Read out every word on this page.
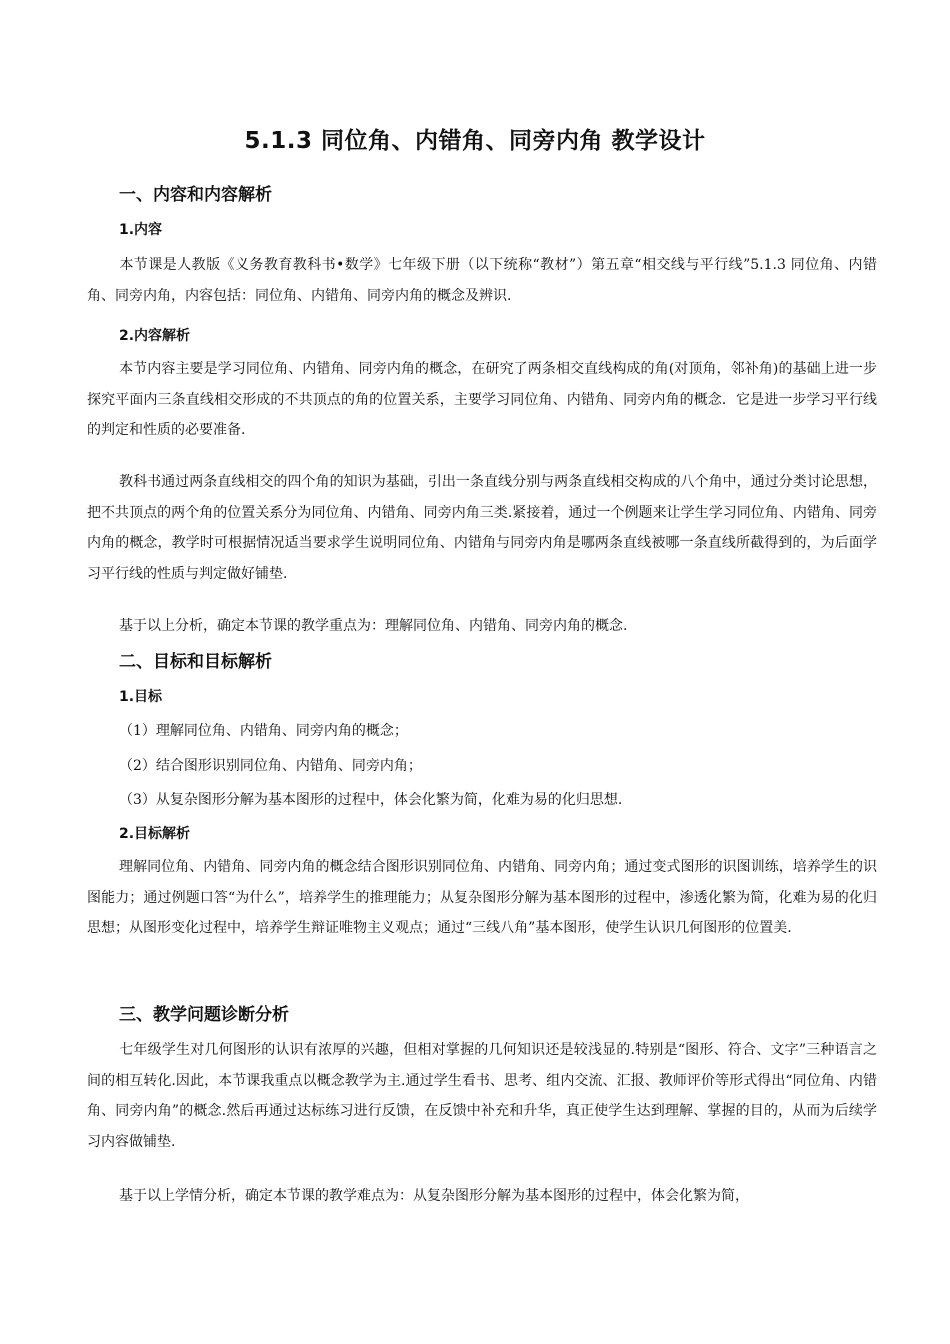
5.1.3 同位角、内错角、同旁内角 教学设计
一、内容和内容解析
1.内容
本节课是人教版《义务教育教科书•数学》七年级下册（以下统称“教材”）第五章“相交线与平行线”5.1.3 同位角、内错角、同旁内角，内容包括：同位角、内错角、同旁内角的概念及辨识.
2.内容解析
本节内容主要是学习同位角、内错角、同旁内角的概念，在研究了两条相交直线构成的角(对顶角，邻补角)的基础上进一步探究平面内三条直线相交形成的不共顶点的角的位置关系，主要学习同位角、内错角、同旁内角的概念．它是进一步学习平行线的判定和性质的必要准备.
教科书通过两条直线相交的四个角的知识为基础，引出一条直线分别与两条直线相交构成的八个角中，通过分类讨论思想，把不共顶点的两个角的位置关系分为同位角、内错角、同旁内角三类.紧接着，通过一个例题来让学生学习同位角、内错角、同旁内角的概念，教学时可根据情况适当要求学生说明同位角、内错角与同旁内角是哪两条直线被哪一条直线所截得到的，为后面学习平行线的性质与判定做好铺垫.
基于以上分析，确定本节课的教学重点为：理解同位角、内错角、同旁内角的概念.
二、目标和目标解析
1.目标
（1）理解同位角、内错角、同旁内角的概念；
（2）结合图形识别同位角、内错角、同旁内角；
（3）从复杂图形分解为基本图形的过程中，体会化繁为简，化难为易的化归思想.
2.目标解析
理解同位角、内错角、同旁内角的概念结合图形识别同位角、内错角、同旁内角；通过变式图形的识图训练，培养学生的识图能力；通过例题口答“为什么”，培养学生的推理能力；从复杂图形分解为基本图形的过程中，渗透化繁为简，化难为易的化归思想；从图形变化过程中，培养学生辩证唯物主义观点；通过“三线八角”基本图形，使学生认识几何图形的位置美.
三、教学问题诊断分析
七年级学生对几何图形的认识有浓厚的兴趣，但相对掌握的几何知识还是较浅显的.特别是“图形、符合、文字”三种语言之间的相互转化.因此，本节课我重点以概念教学为主.通过学生看书、思考、组内交流、汇报、教师评价等形式得出“同位角、内错角、同旁内角”的概念.然后再通过达标练习进行反馈，在反馈中补充和升华，真正使学生达到理解、掌握的目的，从而为后续学习内容做铺垫.
基于以上学情分析，确定本节课的教学难点为：从复杂图形分解为基本图形的过程中，体会化繁为简，
